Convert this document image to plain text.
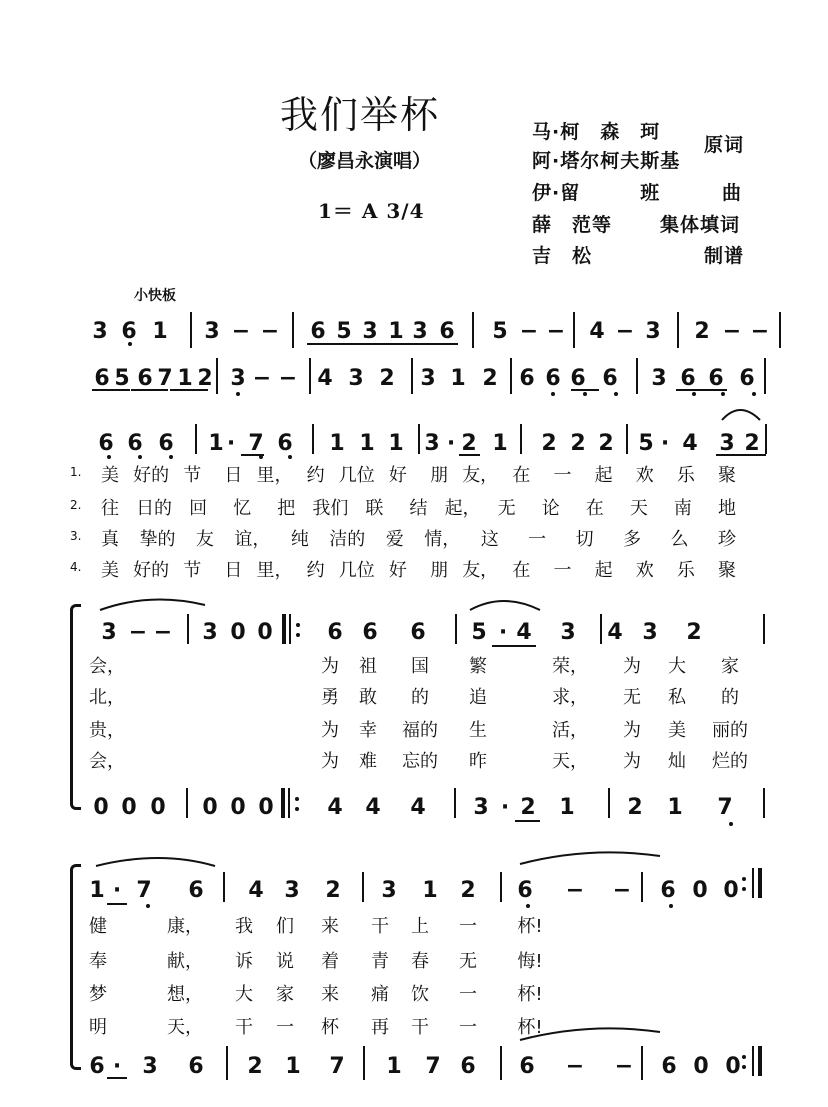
我们举杯
（廖昌永演唱）
1＝ A 3/4
马·柯　森　珂
阿·塔尔柯夫斯基
原词
伊·留　　　班	曲
薛　范等	集体填词
吉　松	制谱
小快板
美 好的 节 日 里， 约 几位 好 朋 友， 在 一 起 欢 乐 聚
往 日的 回 忆 把 我们 联 结 起， 无 论 在 天 南 地
真 挚的 友 谊， 纯 洁的 爱 情， 这 一 切 多 么 珍
美 好的 节 日 里， 约 几位 好 朋 友， 在 一 起 欢 乐 聚
会，	为 祖 国 繁	荣， 为 大 家
北，	勇 敢 的 追	求， 无 私 的
贵，	为 幸 福的 生	活， 为 美 丽的
会，	为 难 忘的 昨	天， 为 灿 烂的
健	康， 我 们 来 干 上 一 杯!
奉	献， 诉 说 着 青 春 无 悔!
梦	想， 大 家 来 痛 饮 一 杯!
明	天， 干 一 杯 再 干 一 杯!
1.
2.
3.
4.
3 6 1 3 − − 6 5 3 1 3 6 5 − − 4 − 3 2 − −
6 5 6 7 1 2 3 − − 4 3 2 3 1 2 6 6 6 6 3 6 6 6
6 6 6 1 · 7 6 1 1 1 3 · 2 1 2 2 2 5 · 4 3 2
3 − − 3 0 0 6 6 6 5 · 4 3 4 3 2
0 0 0 0 0 0 4 4 4 3 · 2 1 2 1 7
1 · 7 6 4 3 2 3 1 2 6 − − 6 0 0
6 · 3 6 2 1 7 1 7 6 6 − − 6 0 0
